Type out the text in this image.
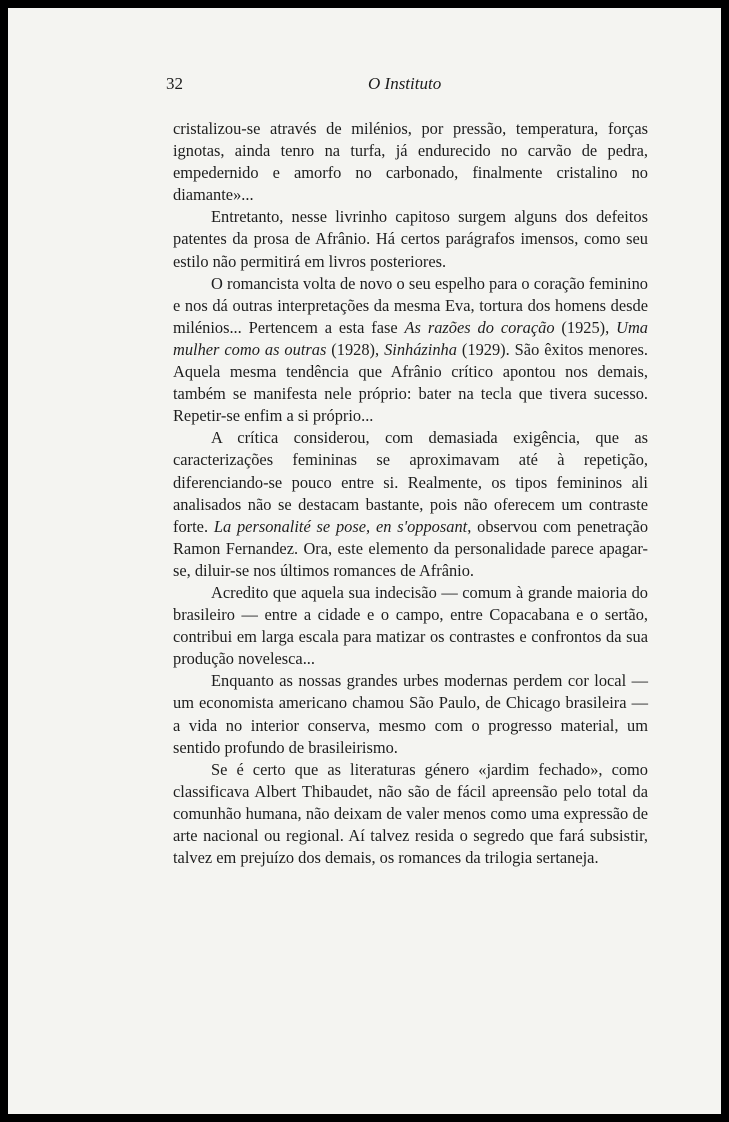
32	O Instituto

cristalizou-se através de milénios, por pressão, temperatura, forças ignotas, ainda tenro na turfa, já endurecido no carvão de pedra, empedernido e amorfo no carbonado, finalmente cristalino no diamante»...

Entretanto, nesse livrinho capitoso surgem alguns dos defeitos patentes da prosa de Afrânio. Há certos parágrafos imensos, como seu estilo não permitirá em livros posteriores.

O romancista volta de novo o seu espelho para o coração feminino e nos dá outras interpretações da mesma Eva, tortura dos homens desde milénios... Pertencem a esta fase As razões do coração (1925), Uma mulher como as outras (1928), Sinházinha (1929). São êxitos menores. Aquela mesma tendência que Afrânio crítico apontou nos demais, também se manifesta nele próprio: bater na tecla que tivera sucesso. Repetir-se enfim a si próprio...

A crítica considerou, com demasiada exigência, que as caracterizações femininas se aproximavam até à repetição, diferenciando-se pouco entre si. Realmente, os tipos femininos ali analisados não se destacam bastante, pois não oferecem um contraste forte. La personalité se pose, en s'opposant, observou com penetração Ramon Fernandez. Ora, este elemento da personalidade parece apagar-se, diluir-se nos últimos romances de Afrânio.

Acredito que aquela sua indecisão — comum à grande maioria do brasileiro — entre a cidade e o campo, entre Copacabana e o sertão, contribui em larga escala para matizar os contrastes e confrontos da sua produção novelesca...

Enquanto as nossas grandes urbes modernas perdem cor local — um economista americano chamou São Paulo, de Chicago brasileira — a vida no interior conserva, mesmo com o progresso material, um sentido profundo de brasileirismo.

Se é certo que as literaturas género «jardim fechado», como classificava Albert Thibaudet, não são de fácil apreensão pelo total da comunhão humana, não deixam de valer menos como uma expressão de arte nacional ou regional. Aí talvez resida o segredo que fará subsistir, talvez em prejuízo dos demais, os romances da trilogia sertaneja.
